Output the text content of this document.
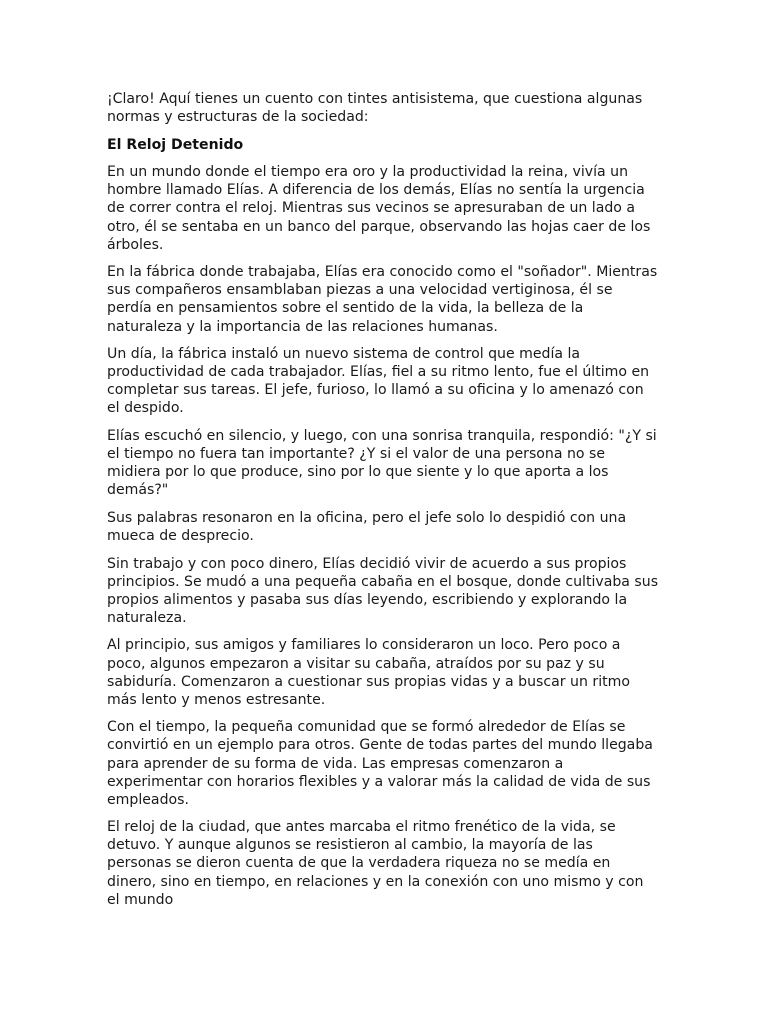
¡Claro! Aquí tienes un cuento con tintes antisistema, que cuestiona algunas normas y estructuras de la sociedad:

El Reloj Detenido

En un mundo donde el tiempo era oro y la productividad la reina, vivía un hombre llamado Elías. A diferencia de los demás, Elías no sentía la urgencia de correr contra el reloj. Mientras sus vecinos se apresuraban de un lado a otro, él se sentaba en un banco del parque, observando las hojas caer de los árboles.

En la fábrica donde trabajaba, Elías era conocido como el "soñador". Mientras sus compañeros ensamblaban piezas a una velocidad vertiginosa, él se perdía en pensamientos sobre el sentido de la vida, la belleza de la naturaleza y la importancia de las relaciones humanas.

Un día, la fábrica instaló un nuevo sistema de control que medía la productividad de cada trabajador. Elías, fiel a su ritmo lento, fue el último en completar sus tareas. El jefe, furioso, lo llamó a su oficina y lo amenazó con el despido.

Elías escuchó en silencio, y luego, con una sonrisa tranquila, respondió: "¿Y si el tiempo no fuera tan importante? ¿Y si el valor de una persona no se midiera por lo que produce, sino por lo que siente y lo que aporta a los demás?"

Sus palabras resonaron en la oficina, pero el jefe solo lo despidió con una mueca de desprecio.

Sin trabajo y con poco dinero, Elías decidió vivir de acuerdo a sus propios principios. Se mudó a una pequeña cabaña en el bosque, donde cultivaba sus propios alimentos y pasaba sus días leyendo, escribiendo y explorando la naturaleza.

Al principio, sus amigos y familiares lo consideraron un loco. Pero poco a poco, algunos empezaron a visitar su cabaña, atraídos por su paz y su sabiduría. Comenzaron a cuestionar sus propias vidas y a buscar un ritmo más lento y menos estresante.

Con el tiempo, la pequeña comunidad que se formó alrededor de Elías se convirtió en un ejemplo para otros. Gente de todas partes del mundo llegaba para aprender de su forma de vida. Las empresas comenzaron a experimentar con horarios flexibles y a valorar más la calidad de vida de sus empleados.

El reloj de la ciudad, que antes marcaba el ritmo frenético de la vida, se detuvo. Y aunque algunos se resistieron al cambio, la mayoría de las personas se dieron cuenta de que la verdadera riqueza no se medía en dinero, sino en tiempo, en relaciones y en la conexión con uno mismo y con el mundo
